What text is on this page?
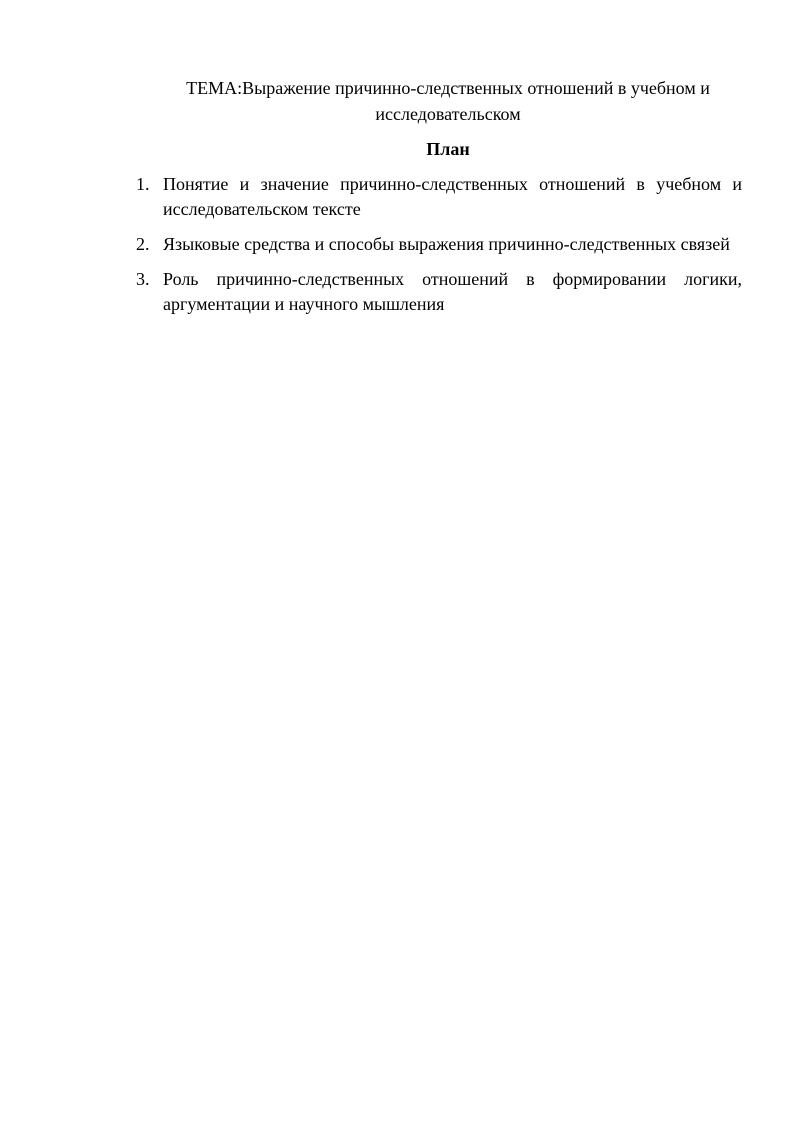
ТЕМА:Выражение причинно-следственных отношений в учебном и исследовательском

План

1. Понятие и значение причинно-следственных отношений в учебном и исследовательском тексте
2. Языковые средства и способы выражения причинно-следственных связей
3. Роль причинно-следственных отношений в формировании логики, аргументации и научного мышления
